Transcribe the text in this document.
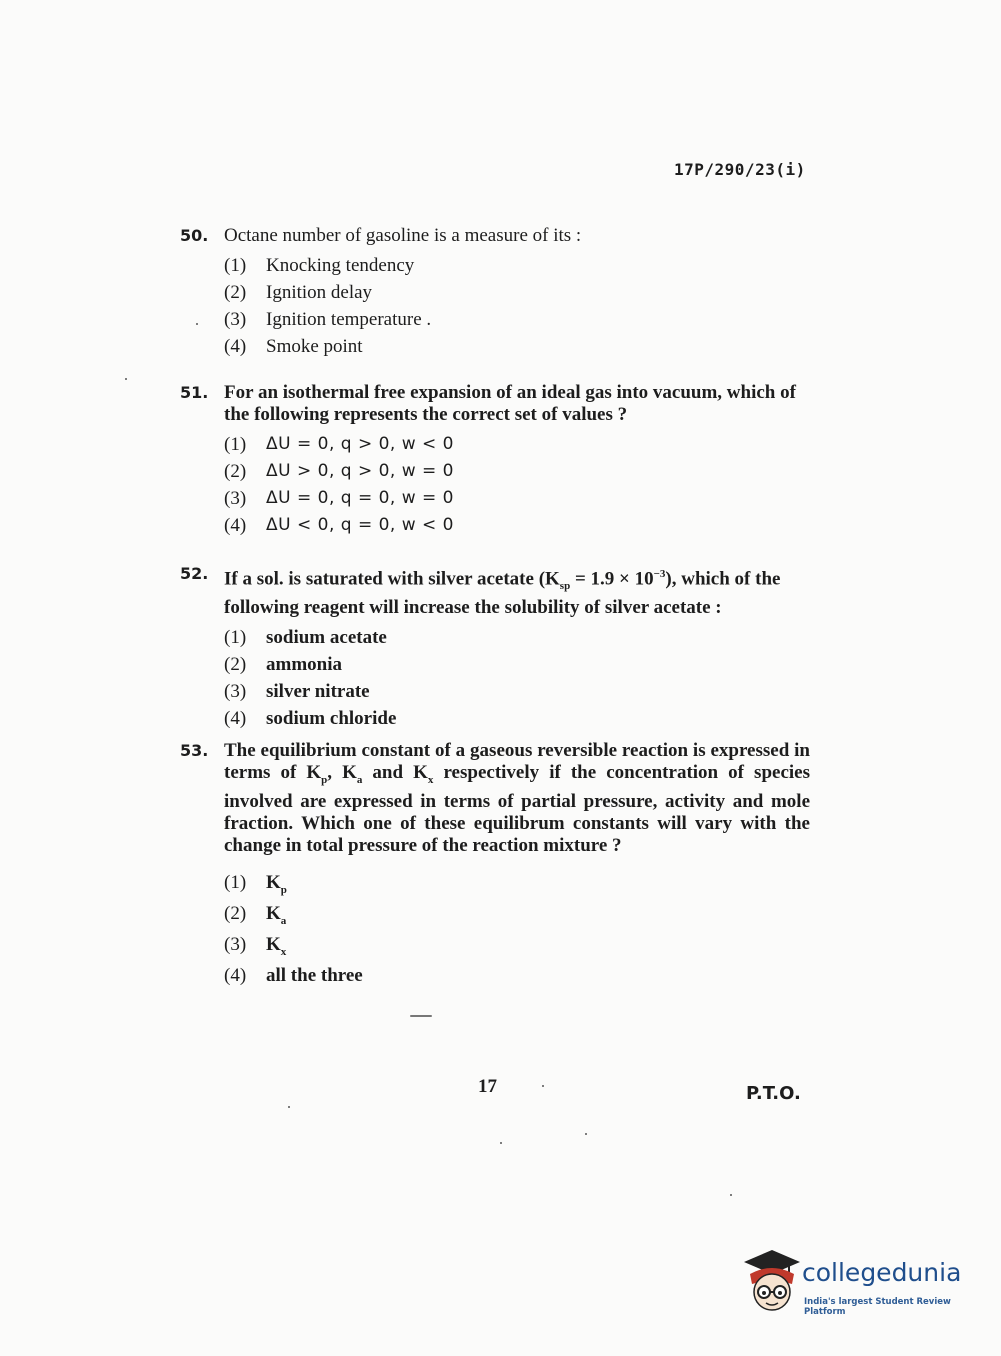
17P/290/23(i)
50. Octane number of gasoline is a measure of its :
(1)	Knocking tendency
(2)	Ignition delay
(3)	Ignition temperature .
(4)	Smoke point
51. For an isothermal free expansion of an ideal gas into vacuum, which of the following represents the correct set of values ?
(1)	ΔU = 0, q > 0, w < 0
(2)	ΔU > 0, q > 0, w = 0
(3)	ΔU = 0, q = 0, w = 0
(4)	ΔU < 0, q = 0, w < 0
52. If a sol. is saturated with silver acetate $(K_{sp} = 1.9 \times 10^{-3})$, which of the following reagent will increase the solubility of silver acetate :
(1)	sodium acetate
(2)	ammonia
(3)	silver nitrate
(4)	sodium chloride
53. The equilibrium constant of a gaseous reversible reaction is expressed in terms of $K_p$, $K_a$ and $K_x$ respectively if the concentration of species involved are expressed in terms of partial pressure, activity and mole fraction. Which one of these equilibrum constants will vary with the change in total pressure of the reaction mixture ?
(1)	$K_p$
(2)	$K_a$
(3)	$K_x$
(4)	all the three
17	P.T.O.
collegedunia
India's largest Student Review Platform
